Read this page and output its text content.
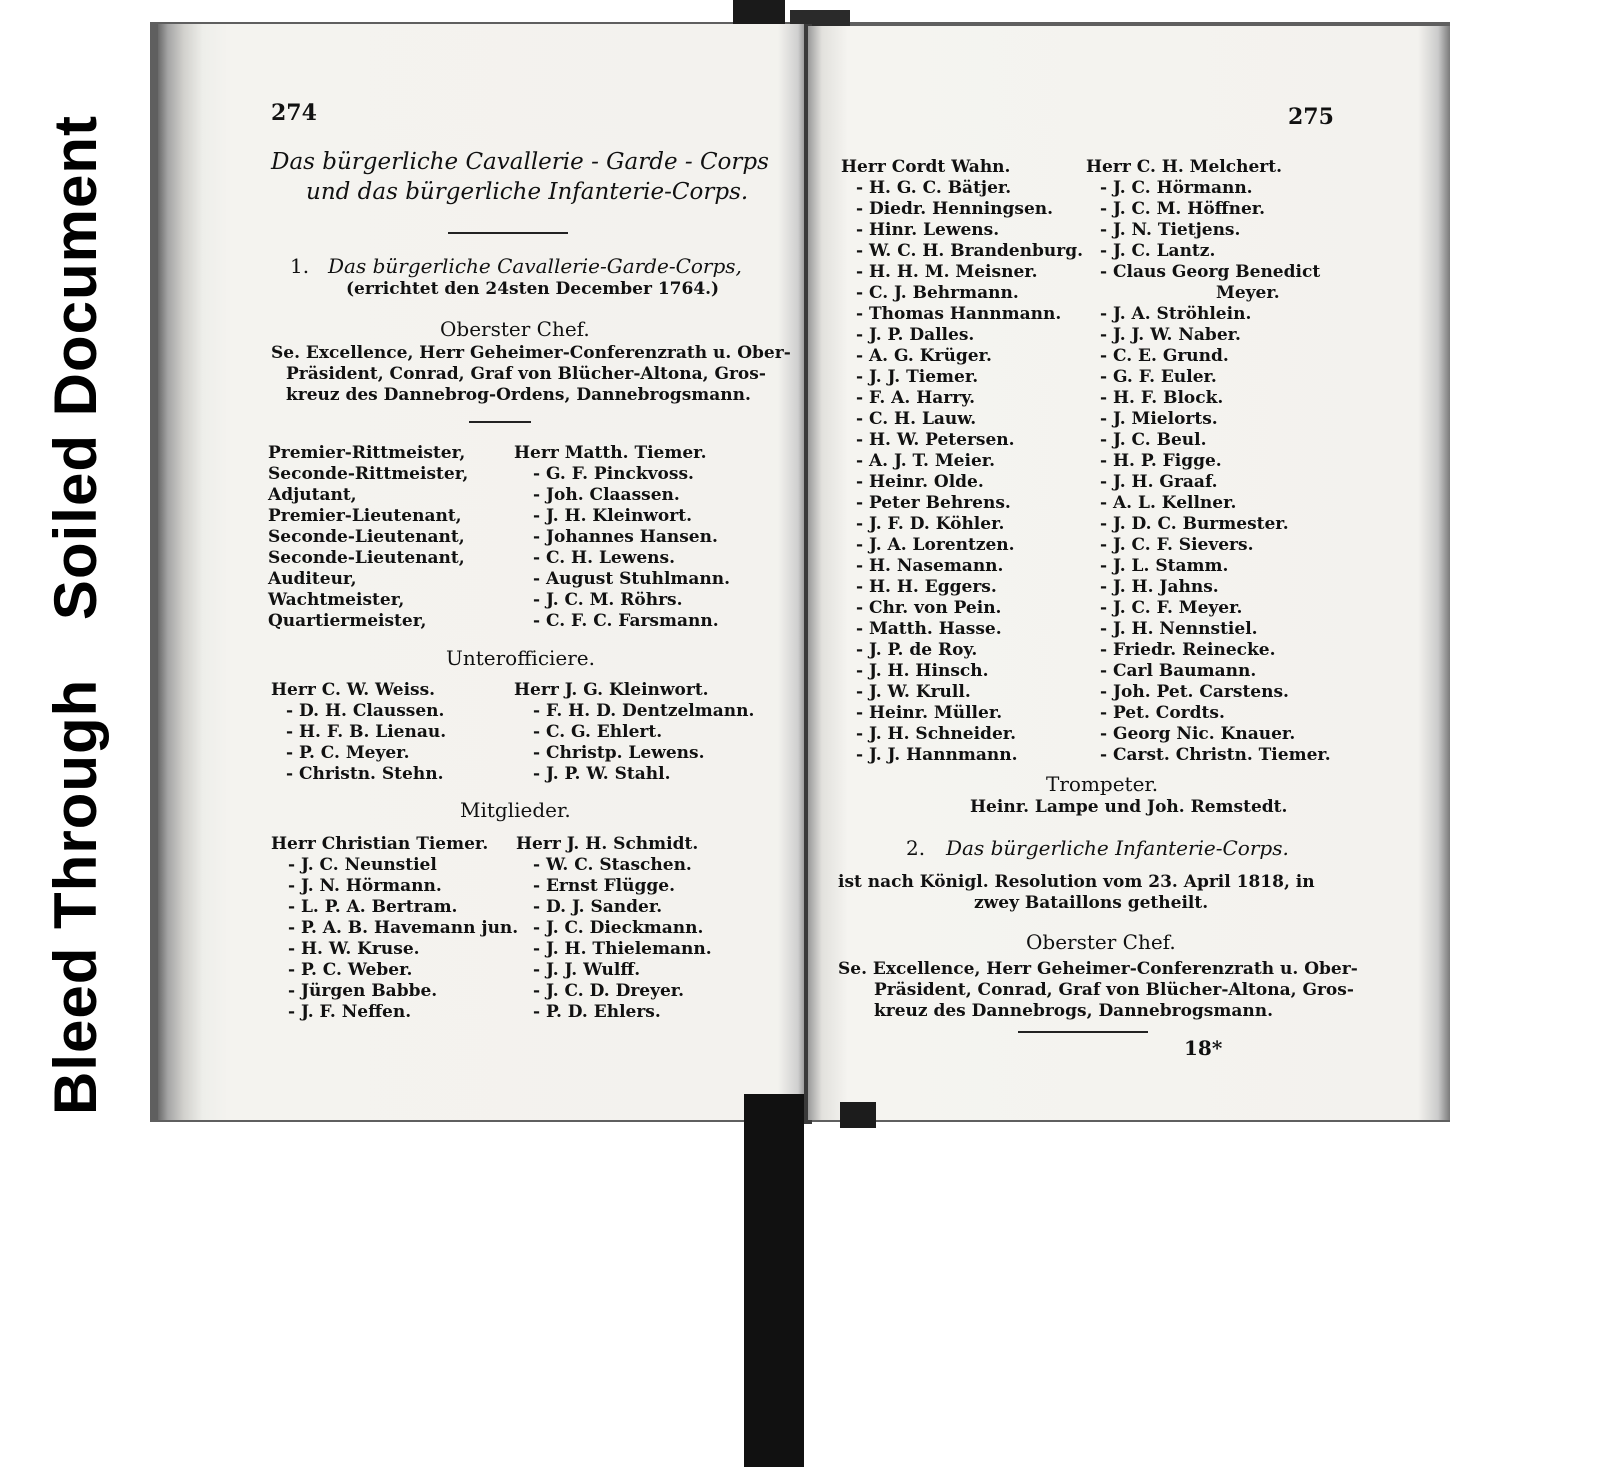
Bleed Through
Soiled Document
274
Das bürgerliche Cavallerie - Garde - Corps
und das bürgerliche Infanterie-Corps.
1. Das bürgerliche Cavallerie-Garde-Corps,
(errichtet den 24sten December 1764.)
Oberster Chef.
Se. Excellence, Herr Geheimer-Conferenzrath u. Ober-
Präsident, Conrad, Graf von Blücher-Altona, Gros-
kreuz des Dannebrog-Ordens, Dannebrogsmann.
Premier-Rittmeister,	Herr Matth. Tiemer.
Seconde-Rittmeister,	- G. F. Pinckvoss.
Adjutant,	- Joh. Claassen.
Premier-Lieutenant,	- J. H. Kleinwort.
Seconde-Lieutenant,	- Johannes Hansen.
Seconde-Lieutenant,	- C. H. Lewens.
Auditeur,	- August Stuhlmann.
Wachtmeister,	- J. C. M. Röhrs.
Quartiermeister,	- C. F. C. Farsmann.
Unterofficiere.
Herr C. W. Weiss.
- D. H. Claussen.
- H. F. B. Lienau.
- P. C. Meyer.
- Christn. Stehn.
Herr J. G. Kleinwort.
- F. H. D. Dentzelmann.
- C. G. Ehlert.
- Christp. Lewens.
- J. P. W. Stahl.
Mitglieder.
Herr Christian Tiemer.
- J. C. Neunstiel
- J. N. Hörmann.
- L. P. A. Bertram.
- P. A. B. Havemann jun.
- H. W. Kruse.
- P. C. Weber.
- Jürgen Babbe.
- J. F. Neffen.
Herr J. H. Schmidt.
- W. C. Staschen.
- Ernst Flügge.
- D. J. Sander.
- J. C. Dieckmann.
- J. H. Thielemann.
- J. J. Wulff.
- J. C. D. Dreyer.
- P. D. Ehlers.
275
Herr Cordt Wahn.
- H. G. C. Bätjer.
- Diedr. Henningsen.
- Hinr. Lewens.
- W. C. H. Brandenburg.
- H. H. M. Meisner.
- C. J. Behrmann.
- Thomas Hannmann.
- J. P. Dalles.
- A. G. Krüger.
- J. J. Tiemer.
- F. A. Harry.
- C. H. Lauw.
- H. W. Petersen.
- A. J. T. Meier.
- Heinr. Olde.
- Peter Behrens.
- J. F. D. Köhler.
- J. A. Lorentzen.
- H. Nasemann.
- H. H. Eggers.
- Chr. von Pein.
- Matth. Hasse.
- J. P. de Roy.
- J. H. Hinsch.
- J. W. Krull.
- Heinr. Müller.
- J. H. Schneider.
- J. J. Hannmann.
Herr C. H. Melchert.
- J. C. Hörmann.
- J. C. M. Höffner.
- J. N. Tietjens.
- J. C. Lantz.
- Claus Georg Benedict
Meyer.
- J. A. Ströhlein.
- J. J. W. Naber.
- C. E. Grund.
- G. F. Euler.
- H. F. Block.
- J. Mielorts.
- J. C. Beul.
- H. P. Figge.
- J. H. Graaf.
- A. L. Kellner.
- J. D. C. Burmester.
- J. C. F. Sievers.
- J. L. Stamm.
- J. H. Jahns.
- J. C. F. Meyer.
- J. H. Nennstiel.
- Friedr. Reinecke.
- Carl Baumann.
- Joh. Pet. Carstens.
- Pet. Cordts.
- Georg Nic. Knauer.
- Carst. Christn. Tiemer.
Trompeter.
Heinr. Lampe und Joh. Remstedt.
2. Das bürgerliche Infanterie-Corps.
ist nach Königl. Resolution vom 23. April 1818, in
zwey Bataillons getheilt.
Oberster Chef.
Se. Excellence, Herr Geheimer-Conferenzrath u. Ober-
Präsident, Conrad, Graf von Blücher-Altona, Gros-
kreuz des Dannebrogs, Dannebrogsmann.
18*
